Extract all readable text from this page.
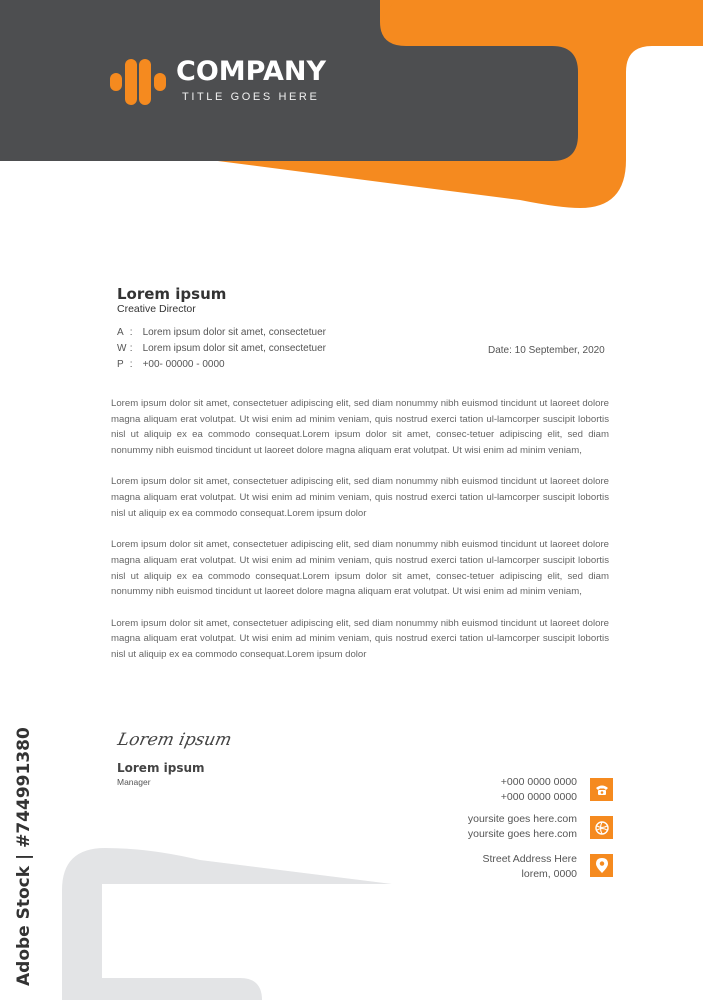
COMPANY
TITLE GOES HERE
Lorem ipsum
Creative Director
A : Lorem ipsum dolor sit amet, consectetuer
W : Lorem ipsum dolor sit amet, consectetuer
P : +00- 00000 - 0000
Date: 10 September, 2020

Lorem ipsum dolor sit amet, consectetuer adipiscing elit, sed diam nonummy nibh euismod tincidunt ut laoreet dolore magna aliquam erat volutpat. Ut wisi enim ad minim veniam, quis nostrud exerci tation ul-lamcorper suscipit lobortis nisl ut aliquip ex ea commodo consequat.Lorem ipsum dolor sit amet, consec-tetuer adipiscing elit, sed diam nonummy nibh euismod tincidunt ut laoreet dolore magna aliquam erat volutpat. Ut wisi enim ad minim veniam,

Lorem ipsum dolor sit amet, consectetuer adipiscing elit, sed diam nonummy nibh euismod tincidunt ut laoreet dolore magna aliquam erat volutpat. Ut wisi enim ad minim veniam, quis nostrud exerci tation ul-lamcorper suscipit lobortis nisl ut aliquip ex ea commodo consequat.Lorem ipsum dolor

Lorem ipsum dolor sit amet, consectetuer adipiscing elit, sed diam nonummy nibh euismod tincidunt ut laoreet dolore magna aliquam erat volutpat. Ut wisi enim ad minim veniam, quis nostrud exerci tation ul-lamcorper suscipit lobortis nisl ut aliquip ex ea commodo consequat.Lorem ipsum dolor sit amet, consec-tetuer adipiscing elit, sed diam nonummy nibh euismod tincidunt ut laoreet dolore magna aliquam erat volutpat. Ut wisi enim ad minim veniam,

Lorem ipsum dolor sit amet, consectetuer adipiscing elit, sed diam nonummy nibh euismod tincidunt ut laoreet dolore magna aliquam erat volutpat. Ut wisi enim ad minim veniam, quis nostrud exerci tation ul-lamcorper suscipit lobortis nisl ut aliquip ex ea commodo consequat.Lorem ipsum dolor

Lorem ipsum
Lorem ipsum
Manager	+000 0000 0000
+000 0000 0000
yoursite goes here.com
yoursite goes here.com
Street Address Here
lorem, 0000
Adobe Stock | #744991380
